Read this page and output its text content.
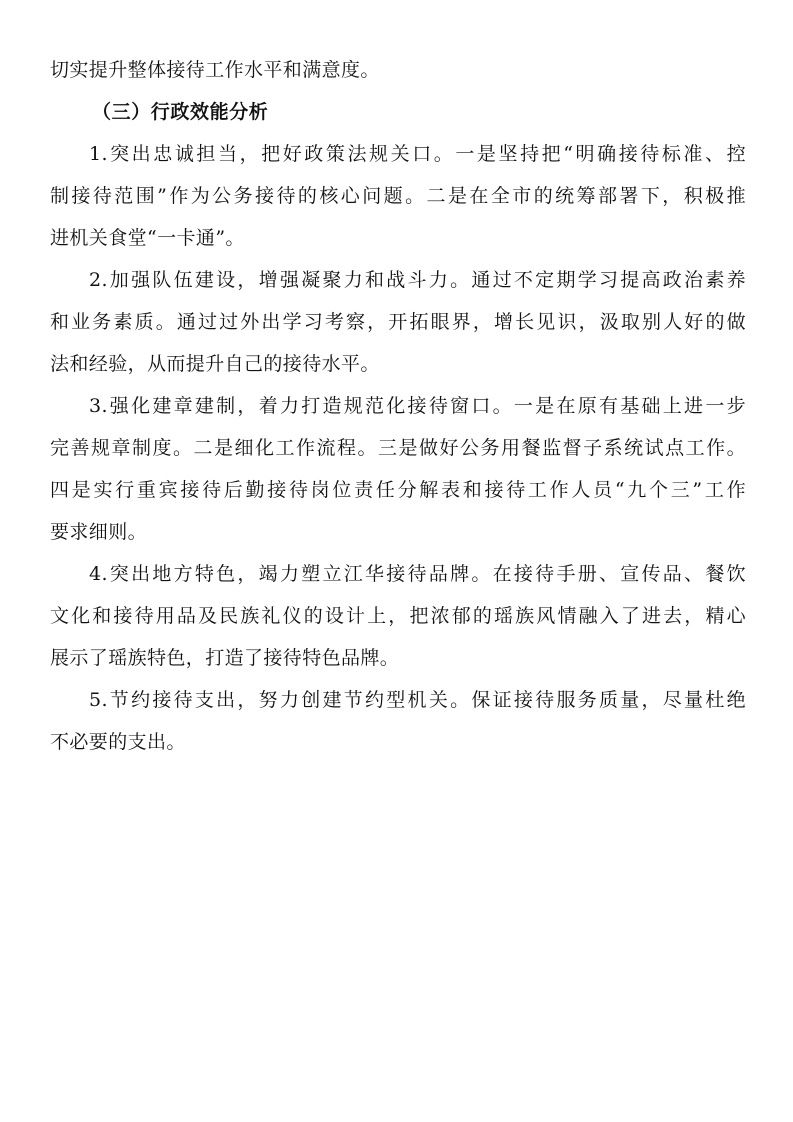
切实提升整体接待工作水平和满意度。
（三）行政效能分析
1.突出忠诚担当，把好政策法规关口。一是坚持把“明确接待标准、控
制接待范围”作为公务接待的核心问题。二是在全市的统筹部署下，积极推
进机关食堂“一卡通”。
2.加强队伍建设，增强凝聚力和战斗力。通过不定期学习提高政治素养
和业务素质。通过过外出学习考察，开拓眼界，增长见识，汲取别人好的做
法和经验，从而提升自己的接待水平。
3.强化建章建制，着力打造规范化接待窗口。一是在原有基础上进一步
完善规章制度。二是细化工作流程。三是做好公务用餐监督子系统试点工作。
四是实行重宾接待后勤接待岗位责任分解表和接待工作人员“九个三”工作
要求细则。
4.突出地方特色，竭力塑立江华接待品牌。在接待手册、宣传品、餐饮
文化和接待用品及民族礼仪的设计上，把浓郁的瑶族风情融入了进去，精心
展示了瑶族特色，打造了接待特色品牌。
5.节约接待支出，努力创建节约型机关。保证接待服务质量，尽量杜绝
不必要的支出。
